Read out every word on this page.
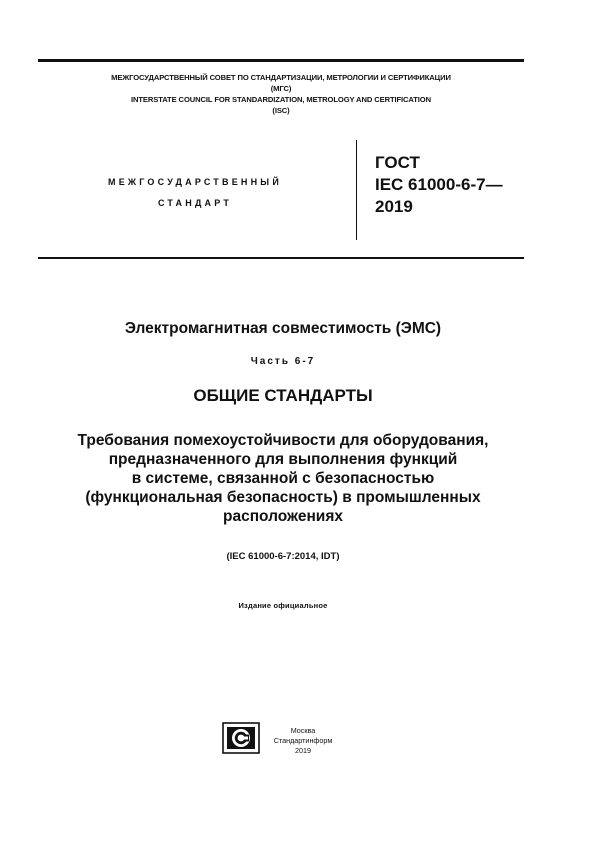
МЕЖГОСУДАРСТВЕННЫЙ СОВЕТ ПО СТАНДАРТИЗАЦИИ, МЕТРОЛОГИИ И СЕРТИФИКАЦИИ
(МГС)
INTERSTATE COUNCIL FOR STANDARDIZATION, METROLOGY AND CERTIFICATION
(ISC)
МЕЖГОСУДАРСТВЕННЫЙ
СТАНДАРТ
ГОСТ
IEC 61000-6-7—
2019
Электромагнитная совместимость (ЭМС)
Часть 6-7
ОБЩИЕ СТАНДАРТЫ
Требования помехоустойчивости для оборудования,
предназначенного для выполнения функций
в системе, связанной с безопасностью
(функциональная безопасность) в промышленных
расположениях
(IEC 61000-6-7:2014, IDT)
Издание официальное
Москва
Стандартинформ
2019
